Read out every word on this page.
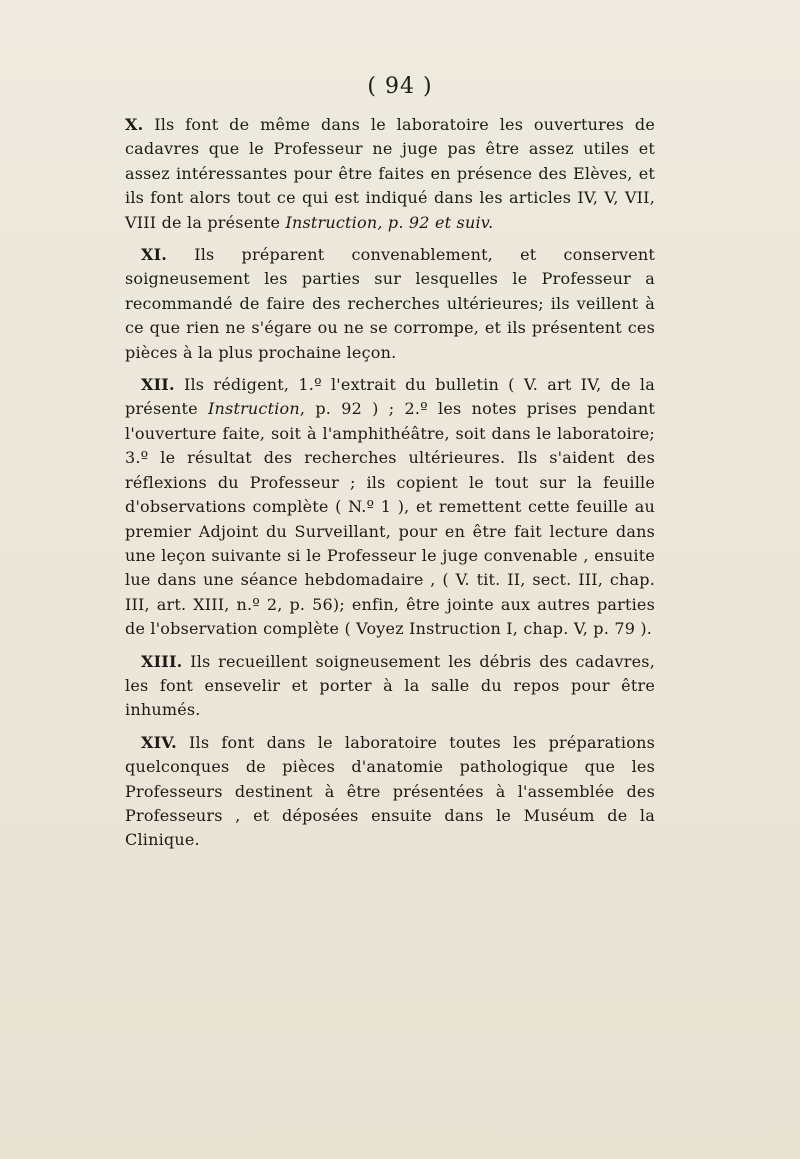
( 94 )

X. Ils font de même dans le laboratoire les ouvertures de cadavres que le Professeur ne juge pas être assez utiles et assez intéressantes pour être faites en présence des Elèves, et ils font alors tout ce qui est indiqué dans les articles IV, V, VII, VIII de la présente Instruction, p. 92 et suiv.

XI. Ils préparent convenablement, et conservent soigneusement les parties sur lesquelles le Professeur a recommandé de faire des recherches ultérieures; ils veillent à ce que rien ne s'égare ou ne se corrompe, et ils présentent ces pièces à la plus prochaine leçon.

XII. Ils rédigent, 1.º l'extrait du bulletin ( V. art IV, de la présente Instruction, p. 92 ) ; 2.º les notes prises pendant l'ouverture faite, soit à l'amphithéâtre, soit dans le laboratoire; 3.º le résultat des recherches ultérieures. Ils s'aident des réflexions du Professeur ; ils copient le tout sur la feuille d'observations complète ( N.º 1 ), et remettent cette feuille au premier Adjoint du Surveillant, pour en être fait lecture dans une leçon suivante si le Professeur le juge convenable , ensuite lue dans une séance hebdomadaire , ( V. tit. II, sect. III, chap. III, art. XIII, n.º 2, p. 56); enfin, être jointe aux autres parties de l'observation complète ( Voyez Instruction I, chap. V, p. 79 ).

XIII. Ils recueillent soigneusement les débris des cadavres, les font ensevelir et porter à la salle du repos pour être inhumés.

XIV. Ils font dans le laboratoire toutes les préparations quelconques de pièces d'anatomie pathologique que les Professeurs destinent à être présentées à l'assemblée des Professeurs , et déposées ensuite dans le Muséum de la Clinique.
